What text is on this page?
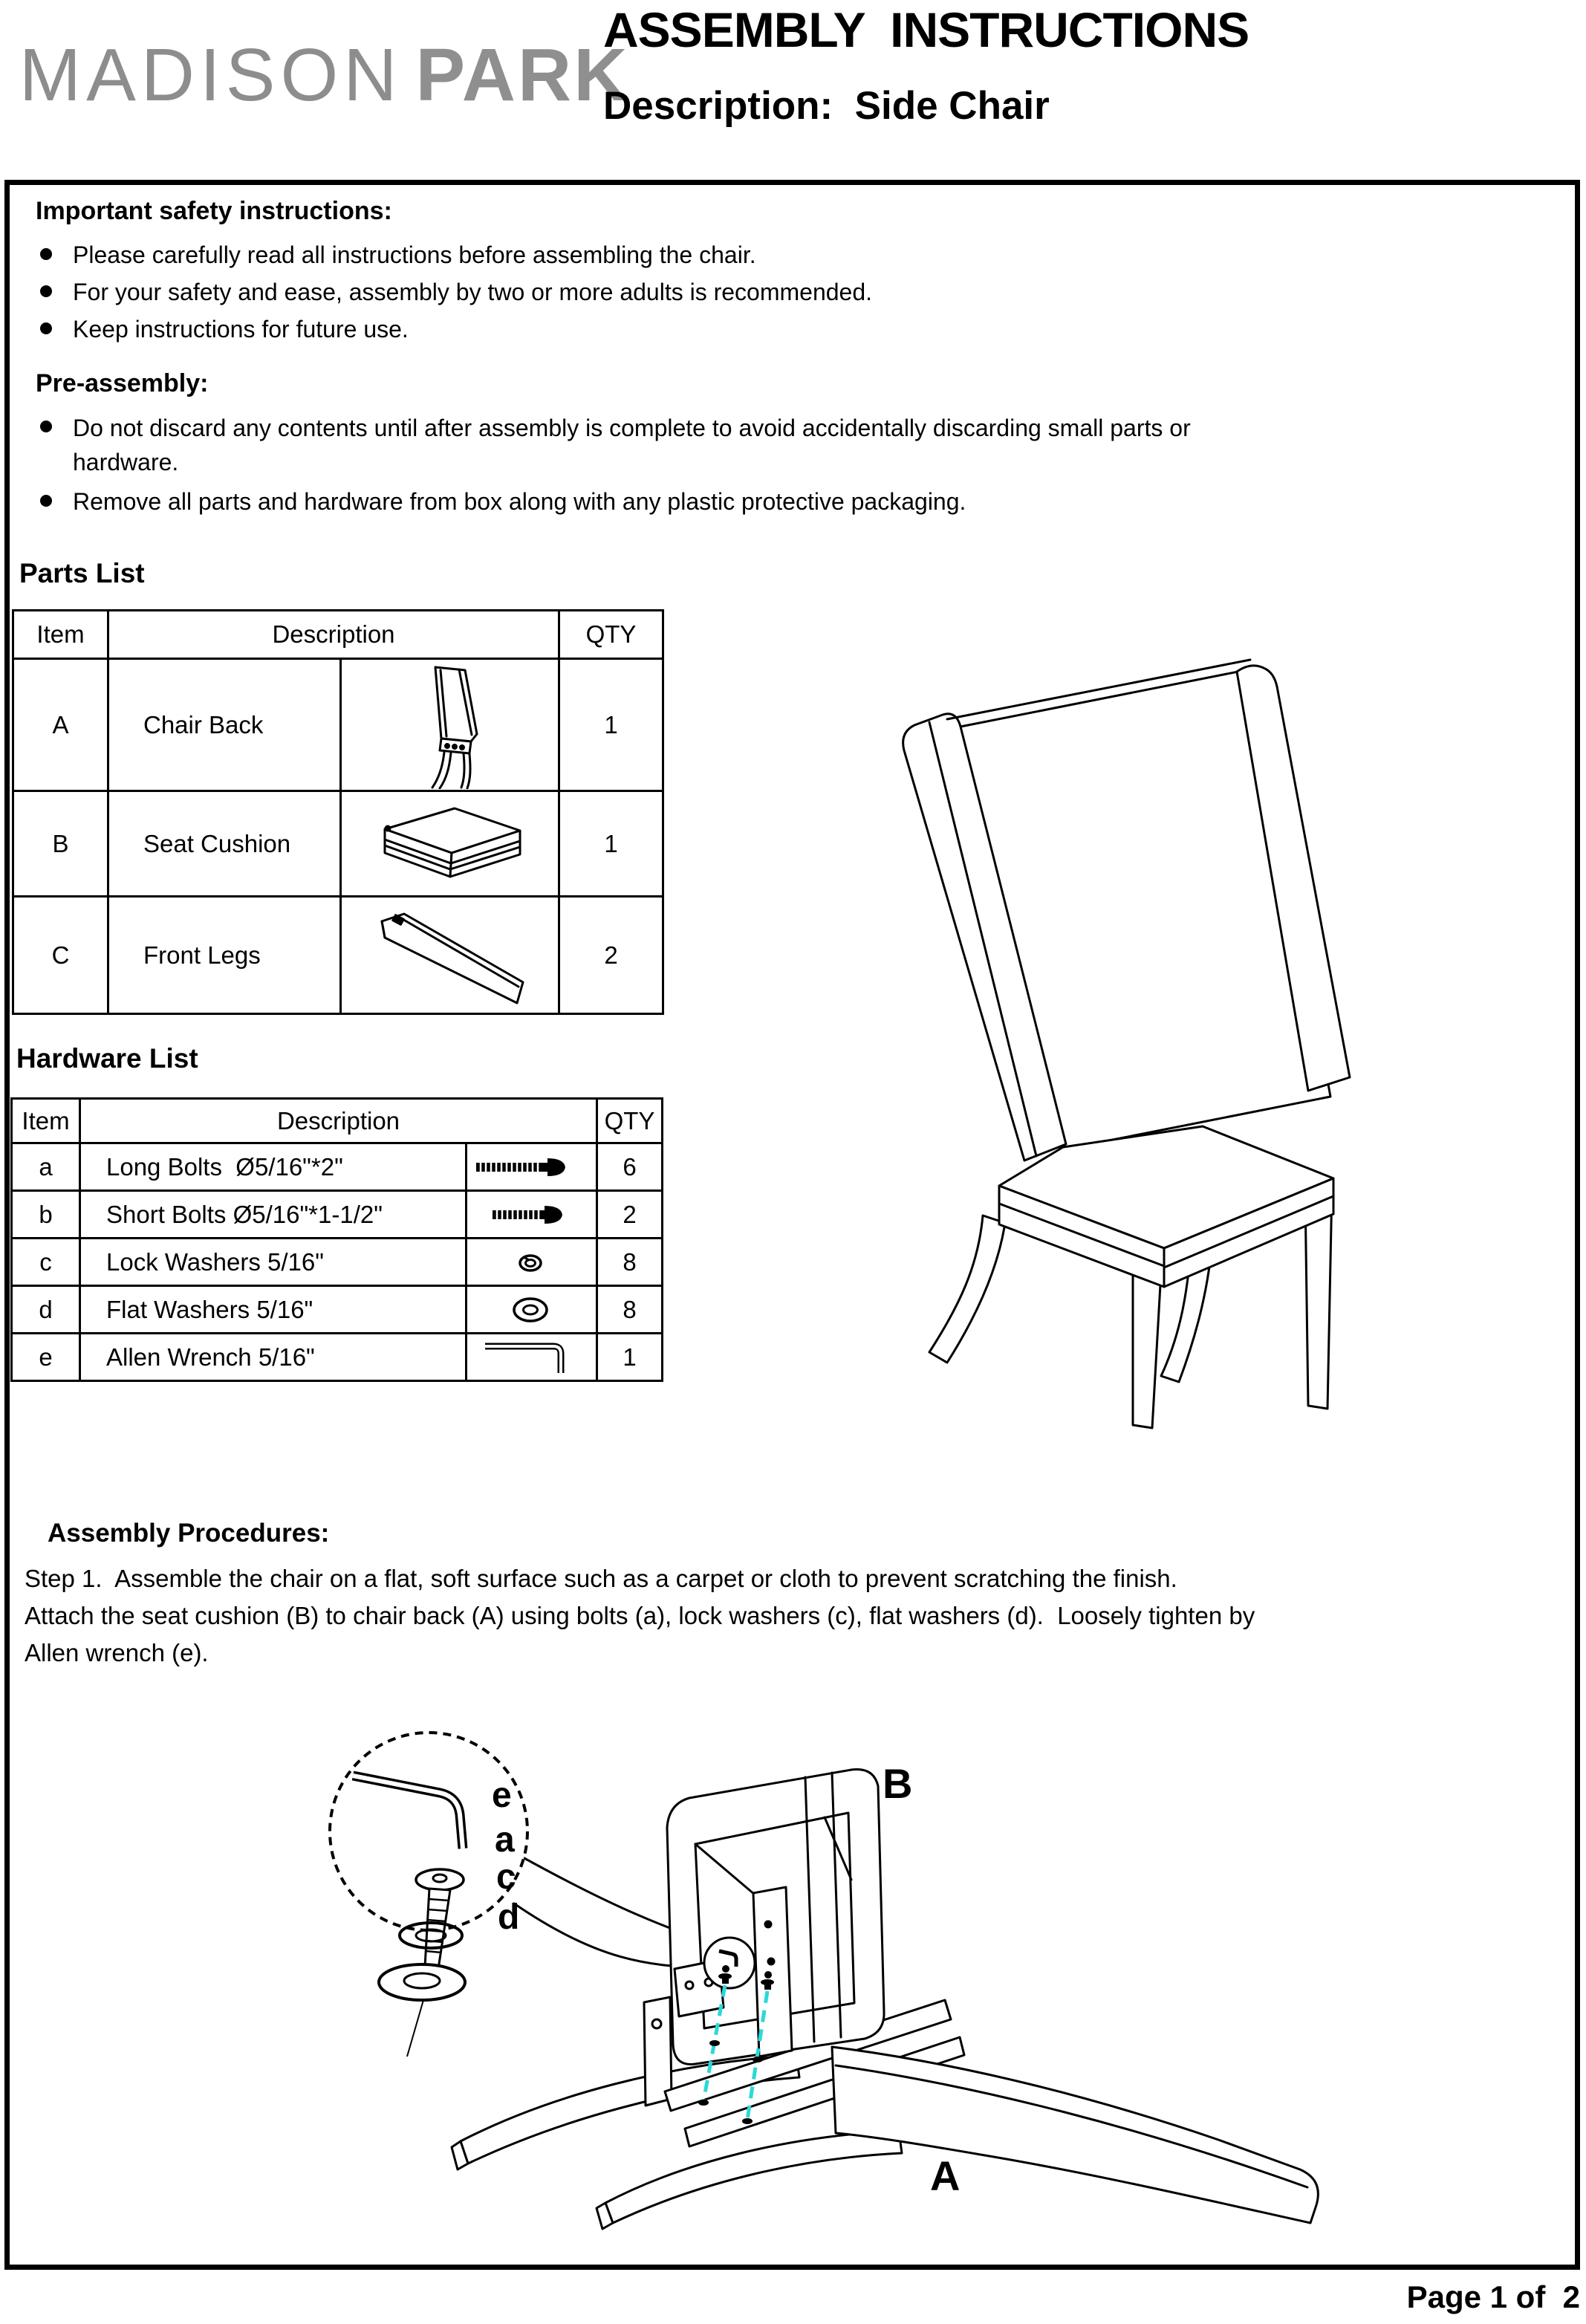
MADISON PARK

ASSEMBLY  INSTRUCTIONS
Description:  Side Chair
Important safety instructions:
Please carefully read all instructions before assembling the chair.
For your safety and ease, assembly by two or more adults is recommended.
Keep instructions for future use.
Pre-assembly:
Do not discard any contents until after assembly is complete to avoid accidentally discarding small parts or
hardware.
Remove all parts and hardware from box along with any plastic protective packaging.
Parts List
Item	Description		QTY
A	Chair Back		1
B	Seat Cushion		1
C	Front Legs		2
Hardware List
Item	Description		QTY
a	Long Bolts  Ø5/16"*2"		6
b	Short Bolts Ø5/16"*1-1/2"		2
c	Lock Washers 5/16"		8
d	Flat Washers 5/16"		8
e	Allen Wrench 5/16"		1
Assembly Procedures:
Step 1.  Assemble the chair on a flat, soft surface such as a carpet or cloth to prevent scratching the finish.
Attach the seat cushion (B) to chair back (A) using bolts (a), lock washers (c), flat washers (d).  Loosely tighten by
Allen wrench (e).
e
a
c
d
B
A
Page 1 of  2
